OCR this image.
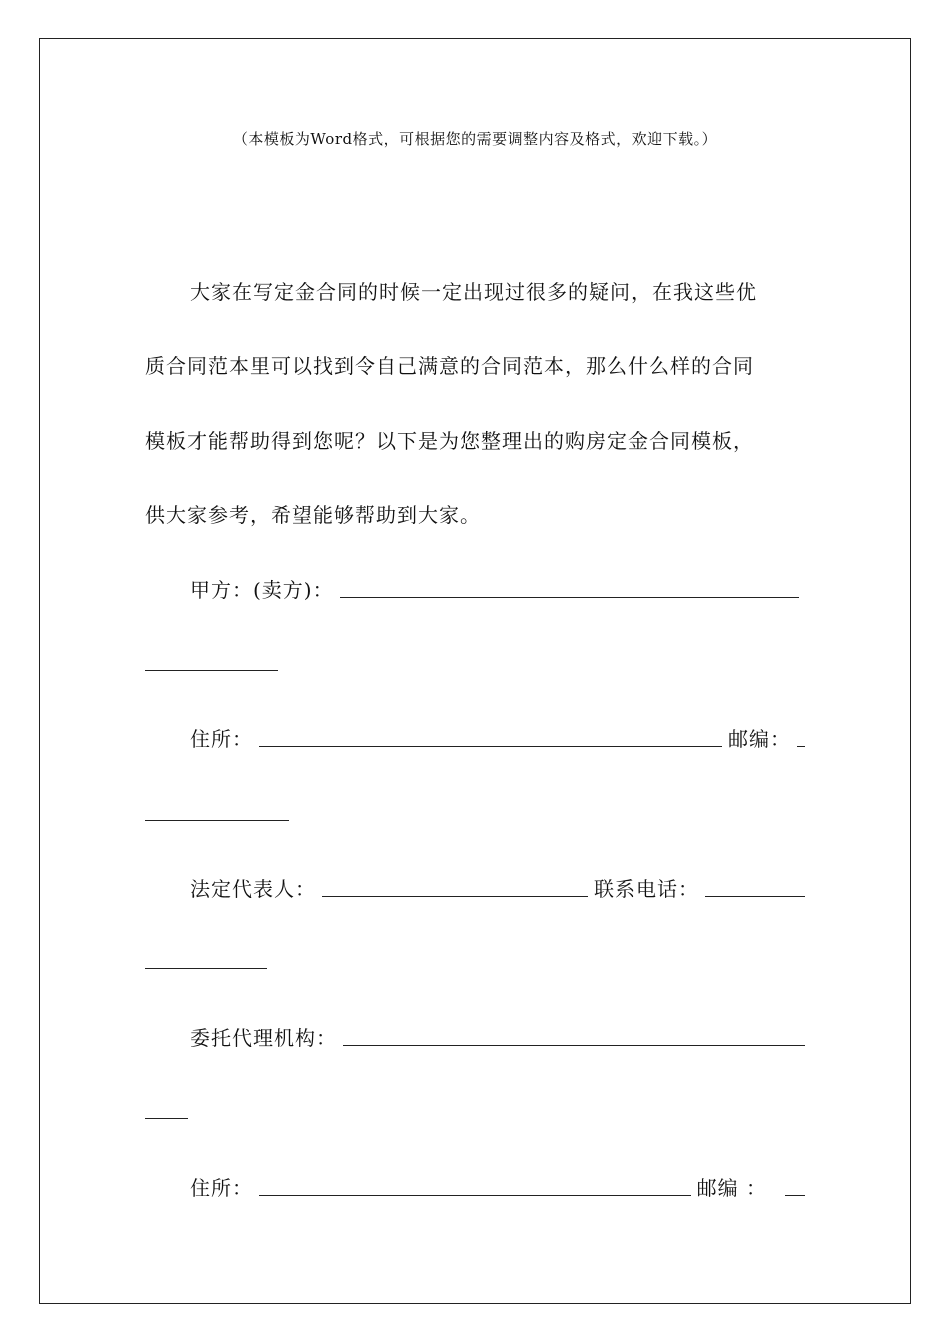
（本模板为Word格式，可根据您的需要调整内容及格式，欢迎下载。）
大家在写定金合同的时候一定出现过很多的疑问，在我这些优
质合同范本里可以找到令自己满意的合同范本，那么什么样的合同
模板才能帮助得到您呢？以下是为您整理出的购房定金合同模板，
供大家参考，希望能够帮助到大家。
甲方：(卖方)：
住所：	邮编：
法定代表人：	联系电话：
委托代理机构：
住所：	邮编 ：
